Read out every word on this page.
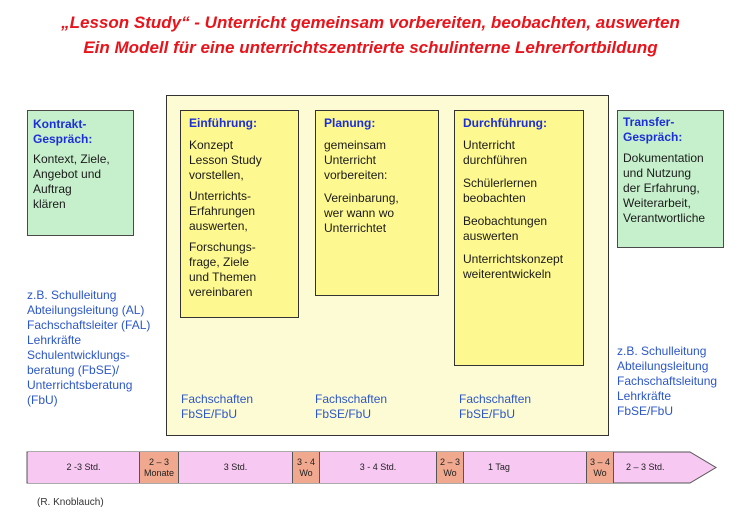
„Lesson Study“ - Unterricht gemeinsam vorbereiten, beobachten, auswerten
Ein Modell für eine unterrichtszentrierte schulinterne Lehrerfortbildung

Kontrakt-

Gespräch:

Kontext, Ziele,

Angebot und

Auftrag

klären

z.B. Schulleitung

Abteilungsleitung (AL)

Fachschaftsleiter (FAL)

Lehrkräfte

Schulentwicklungs-

beratung (FbSE)/

Unterrichtsberatung

(FbU)

Einführung:

Konzept

Lesson Study

vorstellen,

Unterrichts-

Erfahrungen

auswerten,

Forschungs-

frage, Ziele

und Themen

vereinbaren

Planung:

gemeinsam

Unterricht

vorbereiten:

Vereinbarung,

wer wann wo

Unterrichtet

Durchführung:

Unterricht

durchführen

Schülerlernen

beobachten

Beobachtungen

auswerten

Unterrichtskonzept

weiterentwickeln

Fachschaften

FbSE/FbU

Fachschaften

FbSE/FbU

Fachschaften

FbSE/FbU

Transfer-

Gespräch:

Dokumentation

und Nutzung

der Erfahrung,

Weiterarbeit,

Verantwortliche

z.B. Schulleitung

Abteilungsleitung

Fachschaftsleitung

Lehrkräfte

FbSE/FbU

2 -3 Std.
2 – 3
Monate
3 Std.
3 - 4
Wo
3 - 4 Std.
2 – 3
Wo
1 Tag
3 – 4
Wo
2 – 3 Std.
(R. Knoblauch)
